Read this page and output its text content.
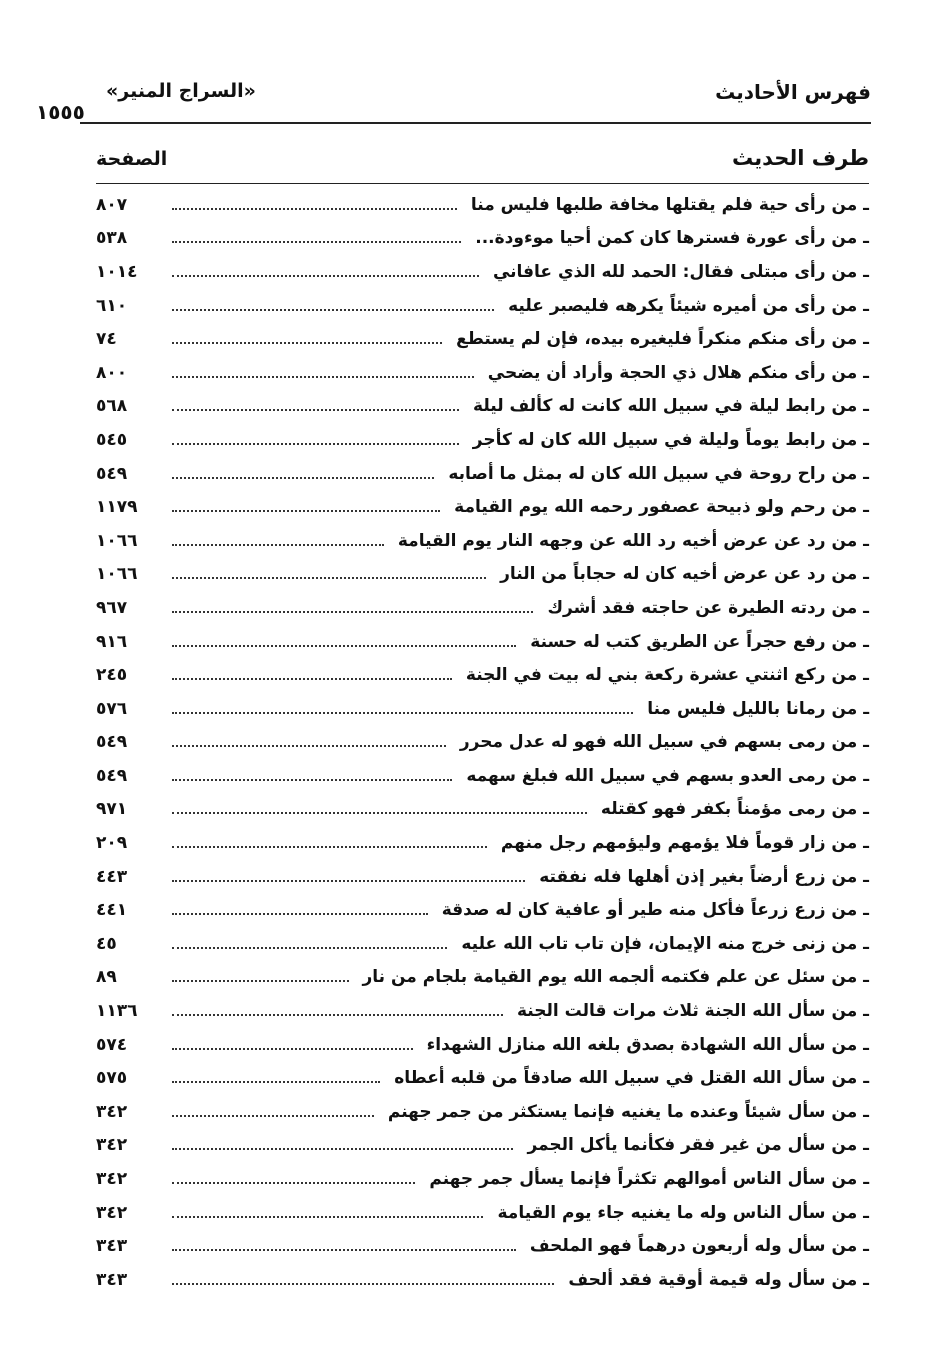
فهرس الأحاديث
«السراج المنير»
١٥٥٥
طرف الحديث
الصفحة
ـ من رأى حية فلم يقتلها مخافة طلبها فليس منا
٨٠٧
ـ من رأى عورة فسترها كان كمن أحيا موءودة...
٥٣٨
ـ من رأى مبتلى فقال: الحمد لله الذي عافاني
١٠١٤
ـ من رأى من أميره شيئاً يكرهه فليصبر عليه
٦١٠
ـ من رأى منكم منكراً فليغيره بيده، فإن لم يستطع
٧٤
ـ من رأى منكم هلال ذي الحجة وأراد أن يضحي
٨٠٠
ـ من رابط ليلة في سبيل الله كانت له كألف ليلة
٥٦٨
ـ من رابط يوماً وليلة في سبيل الله كان له كأجر
٥٤٥
ـ من راح روحة في سبيل الله كان له بمثل ما أصابه
٥٤٩
ـ من رحم ولو ذبيحة عصفور رحمه الله يوم القيامة
١١٧٩
ـ من رد عن عرض أخيه رد الله عن وجهه النار يوم القيامة
١٠٦٦
ـ من رد عن عرض أخيه كان له حجاباً من النار
١٠٦٦
ـ من ردته الطيرة عن حاجته فقد أشرك
٩٦٧
ـ من رفع حجراً عن الطريق كتب له حسنة
٩١٦
ـ من ركع اثنتي عشرة ركعة بني له بيت في الجنة
٢٤٥
ـ من رمانا بالليل فليس منا
٥٧٦
ـ من رمى بسهم في سبيل الله فهو له عدل محرر
٥٤٩
ـ من رمى العدو بسهم في سبيل الله فبلغ سهمه
٥٤٩
ـ من رمى مؤمناً بكفر فهو كقتله
٩٧١
ـ من زار قوماً فلا يؤمهم وليؤمهم رجل منهم
٢٠٩
ـ من زرع أرضاً بغير إذن أهلها فله نفقته
٤٤٣
ـ من زرع زرعاً فأكل منه طير أو عافية كان له صدقة
٤٤١
ـ من زنى خرج منه الإيمان، فإن تاب تاب الله عليه
٤٥
ـ من سئل عن علم فكتمه ألجمه الله يوم القيامة بلجام من نار
٨٩
ـ من سأل الله الجنة ثلاث مرات قالت الجنة
١١٣٦
ـ من سأل الله الشهادة بصدق بلغه الله منازل الشهداء
٥٧٤
ـ من سأل الله القتل في سبيل الله صادقاً من قلبه أعطاه
٥٧٥
ـ من سأل شيئاً وعنده ما يغنيه فإنما يستكثر من جمر جهنم
٣٤٢
ـ من سأل من غير فقر فكأنما يأكل الجمر
٣٤٢
ـ من سأل الناس أموالهم تكثراً فإنما يسأل جمر جهنم
٣٤٢
ـ من سأل الناس وله ما يغنيه جاء يوم القيامة
٣٤٢
ـ من سأل وله أربعون درهماً فهو الملحف
٣٤٣
ـ من سأل وله قيمة أوقية فقد ألحف
٣٤٣
